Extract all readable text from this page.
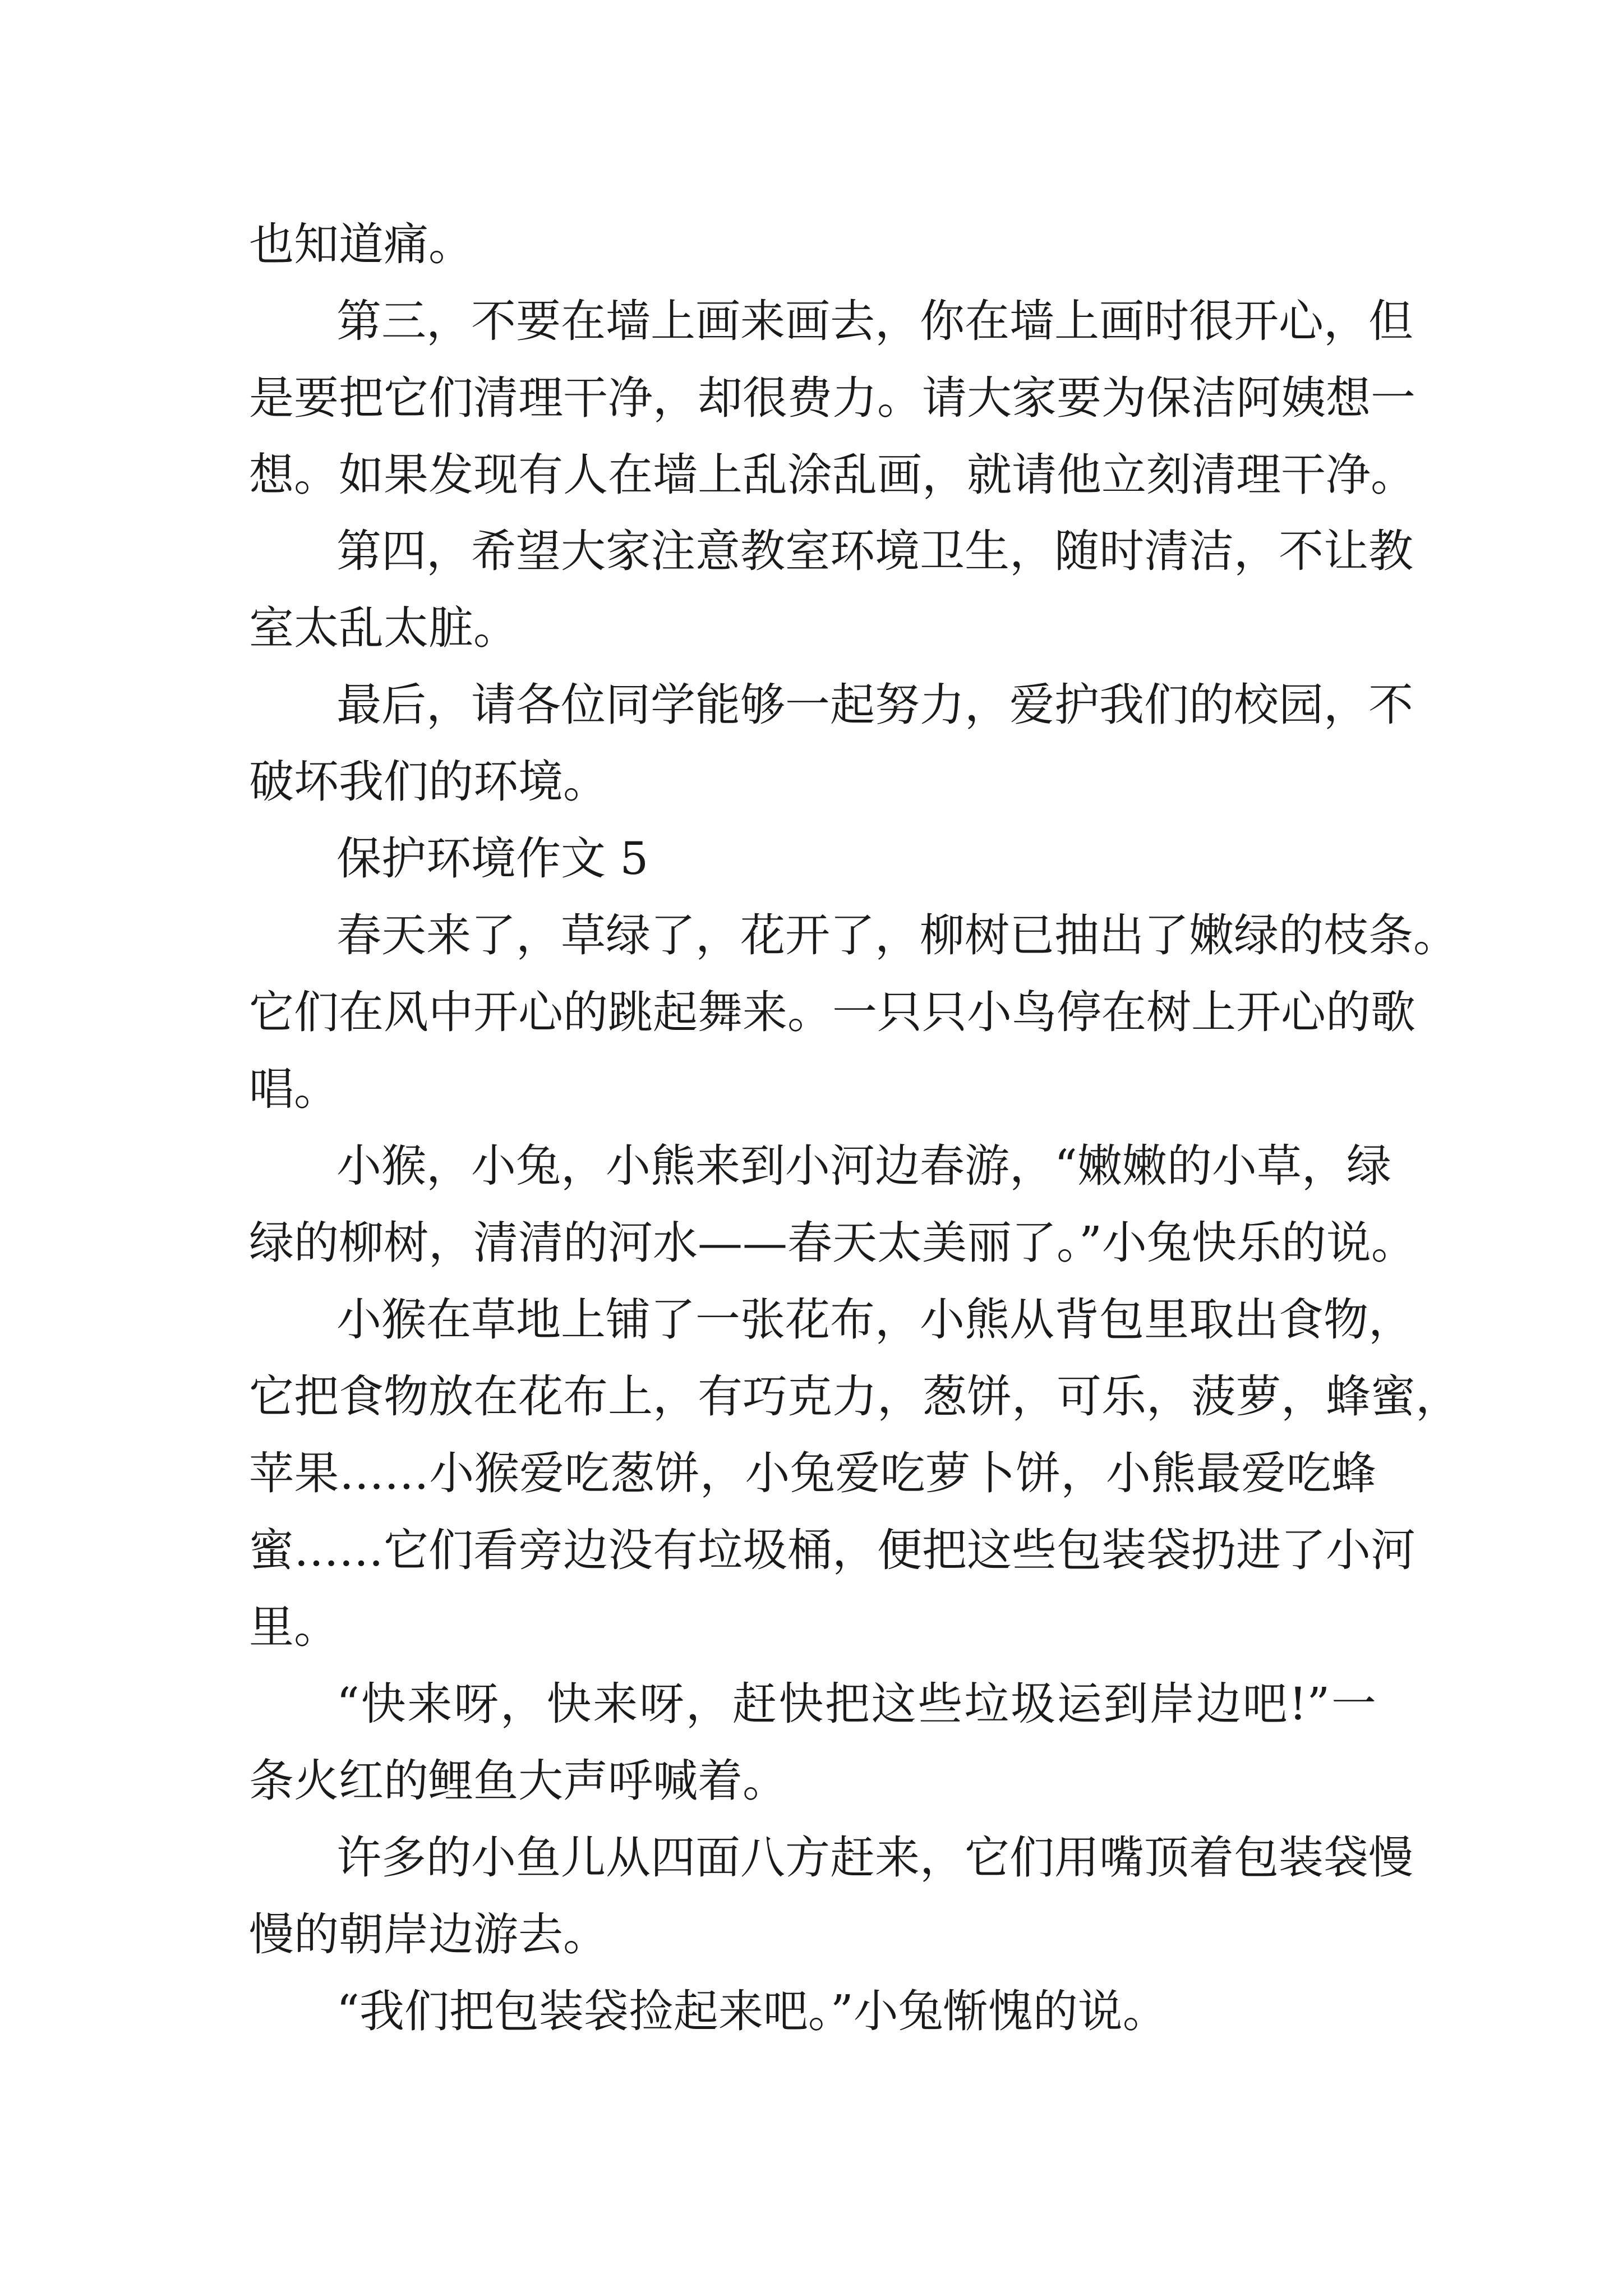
也知道痛。
第三，不要在墙上画来画去，你在墙上画时很开心，但
是要把它们清理干净，却很费力。请大家要为保洁阿姨想一
想。如果发现有人在墙上乱涂乱画，就请他立刻清理干净。
第四，希望大家注意教室环境卫生，随时清洁，不让教
室太乱太脏。
最后，请各位同学能够一起努力，爱护我们的校园，不
破坏我们的环境。
保护环境作文 5
春天来了，草绿了，花开了，柳树已抽出了嫩绿的枝条。
它们在风中开心的跳起舞来。一只只小鸟停在树上开心的歌
唱。
小猴，小兔，小熊来到小河边春游，“嫩嫩的小草，绿
绿的柳树，清清的河水——春天太美丽了。”小兔快乐的说。
小猴在草地上铺了一张花布，小熊从背包里取出食物，
它把食物放在花布上，有巧克力，葱饼，可乐，菠萝，蜂蜜，
苹果……小猴爱吃葱饼，小兔爱吃萝卜饼，小熊最爱吃蜂
蜜……它们看旁边没有垃圾桶，便把这些包装袋扔进了小河
里。
“快来呀，快来呀，赶快把这些垃圾运到岸边吧!”一
条火红的鲤鱼大声呼喊着。
许多的小鱼儿从四面八方赶来，它们用嘴顶着包装袋慢
慢的朝岸边游去。
“我们把包装袋捡起来吧。”小兔惭愧的说。
